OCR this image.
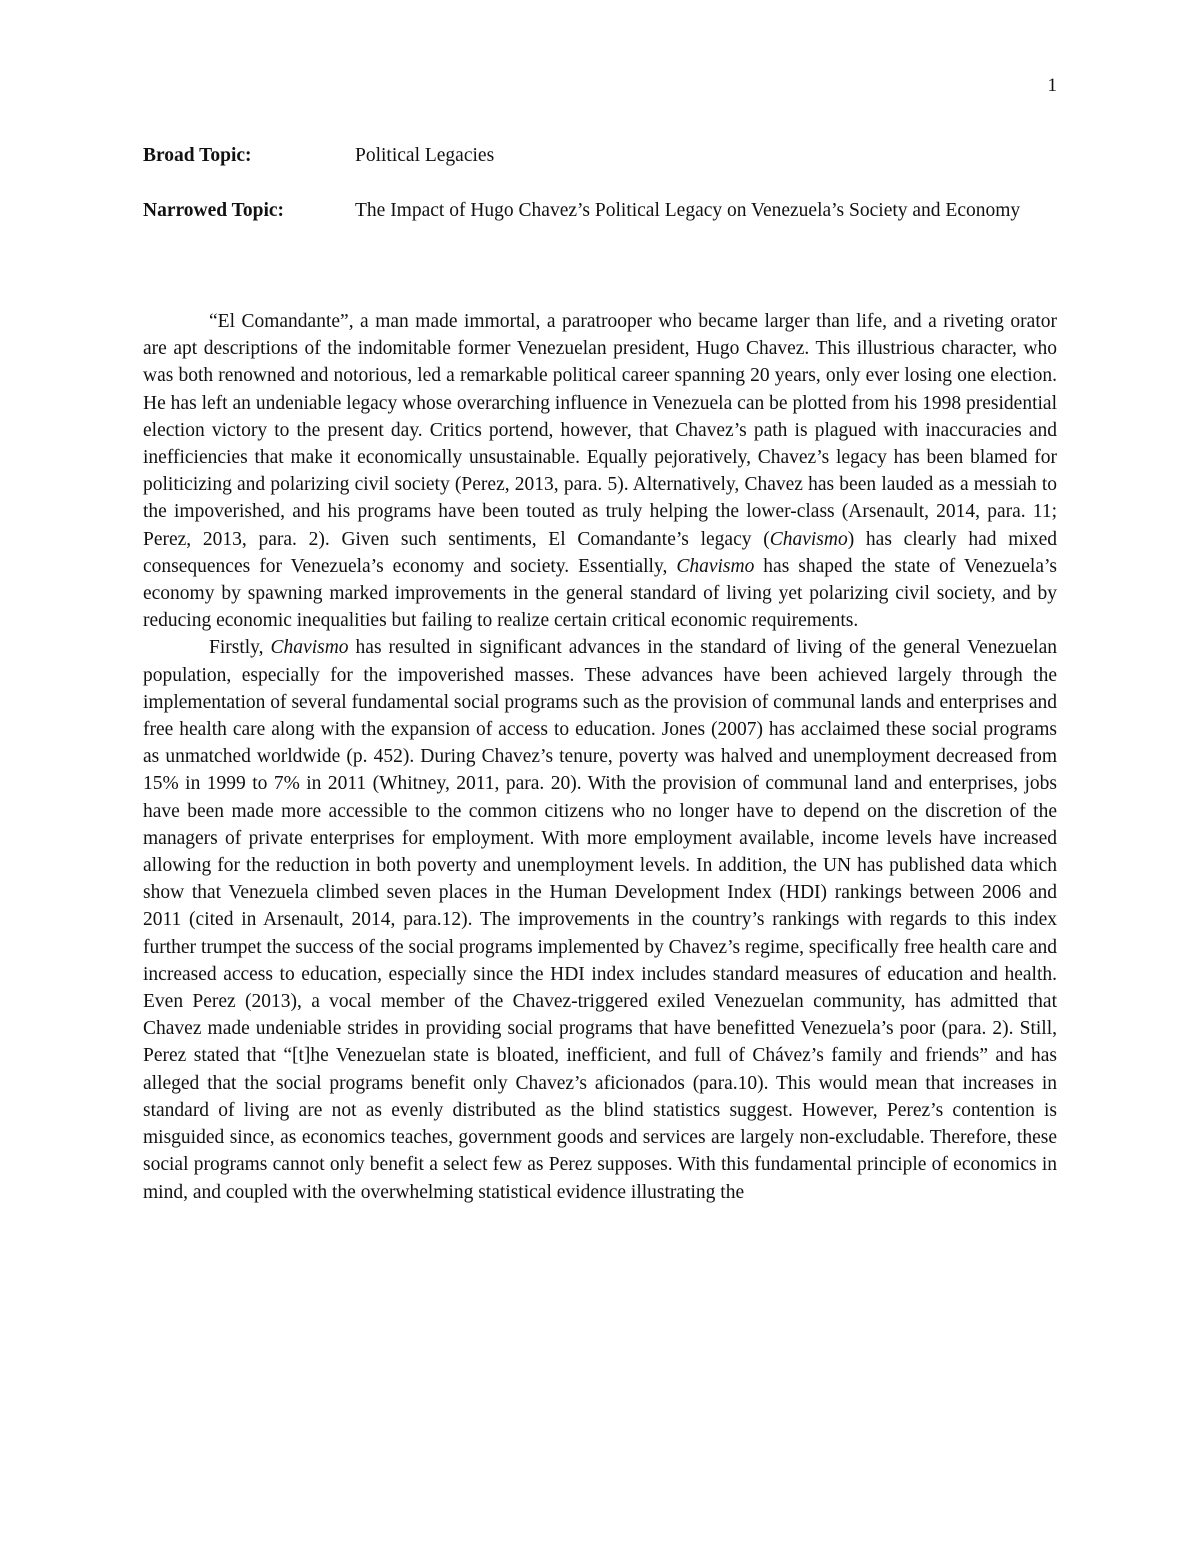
1
Broad Topic:	Political Legacies
Narrowed Topic:	The Impact of Hugo Chavez’s Political Legacy on Venezuela’s Society and Economy

“El Comandante”, a man made immortal, a paratrooper who became larger than life, and a riveting orator are apt descriptions of the indomitable former Venezuelan president, Hugo Chavez. This illustrious character, who was both renowned and notorious, led a remarkable political career spanning 20 years, only ever losing one election. He has left an undeniable legacy whose overarching influence in Venezuela can be plotted from his 1998 presidential election victory to the present day. Critics portend, however, that Chavez’s path is plagued with inaccuracies and inefficiencies that make it economically unsustainable. Equally pejoratively, Chavez’s legacy has been blamed for politicizing and polarizing civil society (Perez, 2013, para. 5). Alternatively, Chavez has been lauded as a messiah to the impoverished, and his programs have been touted as truly helping the lower-class (Arsenault, 2014, para. 11; Perez, 2013, para. 2). Given such sentiments, El Comandante’s legacy (Chavismo) has clearly had mixed consequences for Venezuela’s economy and society. Essentially, Chavismo has shaped the state of Venezuela’s economy by spawning marked improvements in the general standard of living yet polarizing civil society, and by reducing economic inequalities but failing to realize certain critical economic requirements.

Firstly, Chavismo has resulted in significant advances in the standard of living of the general Venezuelan population, especially for the impoverished masses. These advances have been achieved largely through the implementation of several fundamental social programs such as the provision of communal lands and enterprises and free health care along with the expansion of access to education. Jones (2007) has acclaimed these social programs as unmatched worldwide (p. 452). During Chavez’s tenure, poverty was halved and unemployment decreased from 15% in 1999 to 7% in 2011 (Whitney, 2011, para. 20). With the provision of communal land and enterprises, jobs have been made more accessible to the common citizens who no longer have to depend on the discretion of the managers of private enterprises for employment. With more employment available, income levels have increased allowing for the reduction in both poverty and unemployment levels. In addition, the UN has published data which show that Venezuela climbed seven places in the Human Development Index (HDI) rankings between 2006 and 2011 (cited in Arsenault, 2014, para.12). The improvements in the country’s rankings with regards to this index further trumpet the success of the social programs implemented by Chavez’s regime, specifically free health care and increased access to education, especially since the HDI index includes standard measures of education and health. Even Perez (2013), a vocal member of the Chavez-triggered exiled Venezuelan community, has admitted that Chavez made undeniable strides in providing social programs that have benefitted Venezuela’s poor (para. 2). Still, Perez stated that “[t]he Venezuelan state is bloated, inefficient, and full of Chávez’s family and friends” and has alleged that the social programs benefit only Chavez’s aficionados (para.10). This would mean that increases in standard of living are not as evenly distributed as the blind statistics suggest. However, Perez’s contention is misguided since, as economics teaches, government goods and services are largely non-excludable. Therefore, these social programs cannot only benefit a select few as Perez supposes. With this fundamental principle of economics in mind, and coupled with the overwhelming statistical evidence illustrating the
